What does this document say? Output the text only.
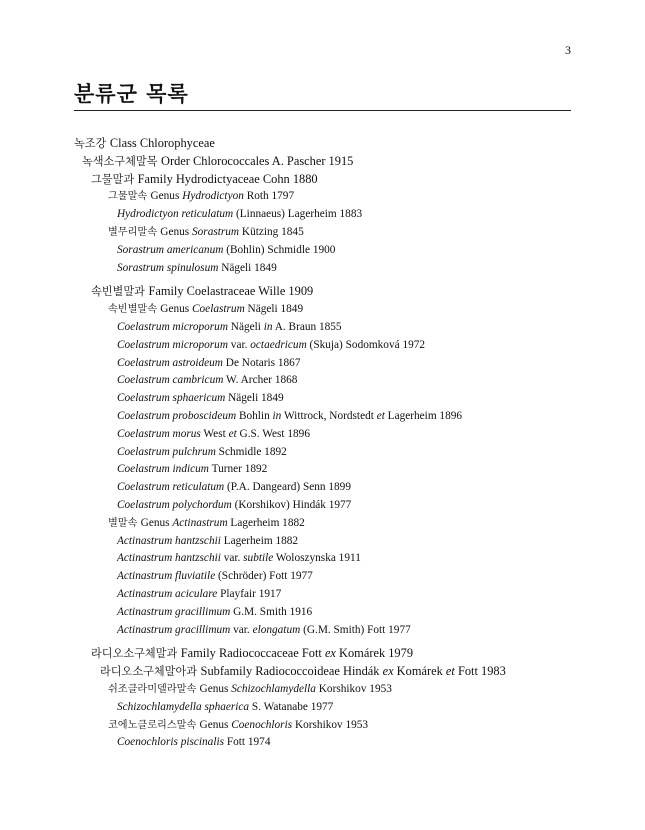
3
분류군 목록
녹조강 Class Chlorophyceae
녹색소구체말목 Order Chlorococcales A. Pascher 1915
그물말과 Family Hydrodictyaceae Cohn 1880
그물말속 Genus Hydrodictyon Roth 1797
Hydrodictyon reticulatum (Linnaeus) Lagerheim 1883
별무리말속 Genus Sorastrum Kützing 1845
Sorastrum americanum (Bohlin) Schmidle 1900
Sorastrum spinulosum Nägeli 1849
속빈별말과 Family Coelastraceae Wille 1909
속빈별말속 Genus Coelastrum Nägeli 1849
Coelastrum microporum Nägeli in A. Braun 1855
Coelastrum microporum var. octaedricum (Skuja) Sodomková 1972
Coelastrum astroideum De Notaris 1867
Coelastrum cambricum W. Archer 1868
Coelastrum sphaericum Nägeli 1849
Coelastrum proboscideum Bohlin in Wittrock, Nordstedt et Lagerheim 1896
Coelastrum morus West et G.S. West 1896
Coelastrum pulchrum Schmidle 1892
Coelastrum indicum Turner 1892
Coelastrum reticulatum (P.A. Dangeard) Senn 1899
Coelastrum polychordum (Korshikov) Hindák 1977
별말속 Genus Actinastrum Lagerheim 1882
Actinastrum hantzschii Lagerheim 1882
Actinastrum hantzschii var. subtile Woloszynska 1911
Actinastrum fluviatile (Schröder) Fott 1977
Actinastrum aciculare Playfair 1917
Actinastrum gracillimum G.M. Smith 1916
Actinastrum gracillimum var. elongatum (G.M. Smith) Fott 1977
라디오소구체말과 Family Radiococcaceae Fott ex Komárek 1979
라디오소구체말아과 Subfamily Radiococcoideae Hindák ex Komárek et Fott 1983
쉬조클라미델라말속 Genus Schizochlamydella Korshikov 1953
Schizochlamydella sphaerica S. Watanabe 1977
코에노클로리스말속 Genus Coenochloris Korshikov 1953
Coenochloris piscinalis Fott 1974
